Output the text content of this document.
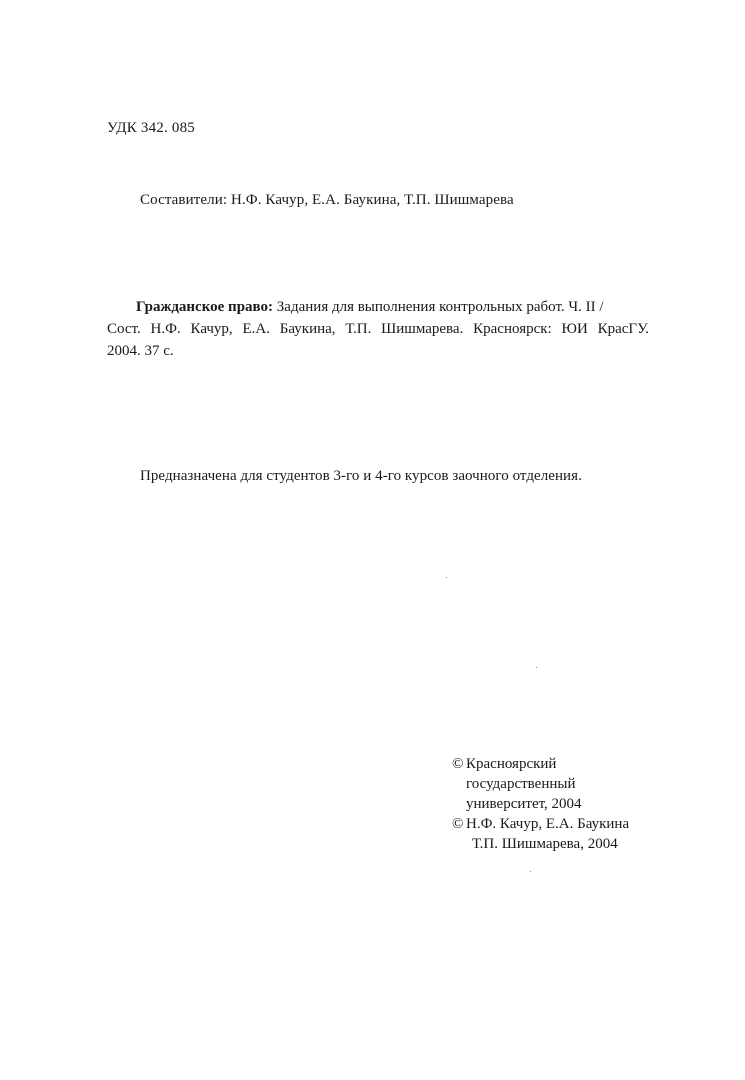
УДК 342. 085
Составители: Н.Ф. Качур, Е.А. Баукина, Т.П. Шишмарева
Гражданское право: Задания для выполнения контрольных работ. Ч. II /
Сост. Н.Ф. Качур, Е.А. Баукина, Т.П. Шишмарева. Красноярск: ЮИ КрасГУ.
2004. 37 с.
Предназначена для студентов 3-го и 4-го курсов заочного отделения.
© Красноярский
государственный
университет, 2004
© Н.Ф. Качур, Е.А. Баукина
Т.П. Шишмарева, 2004
